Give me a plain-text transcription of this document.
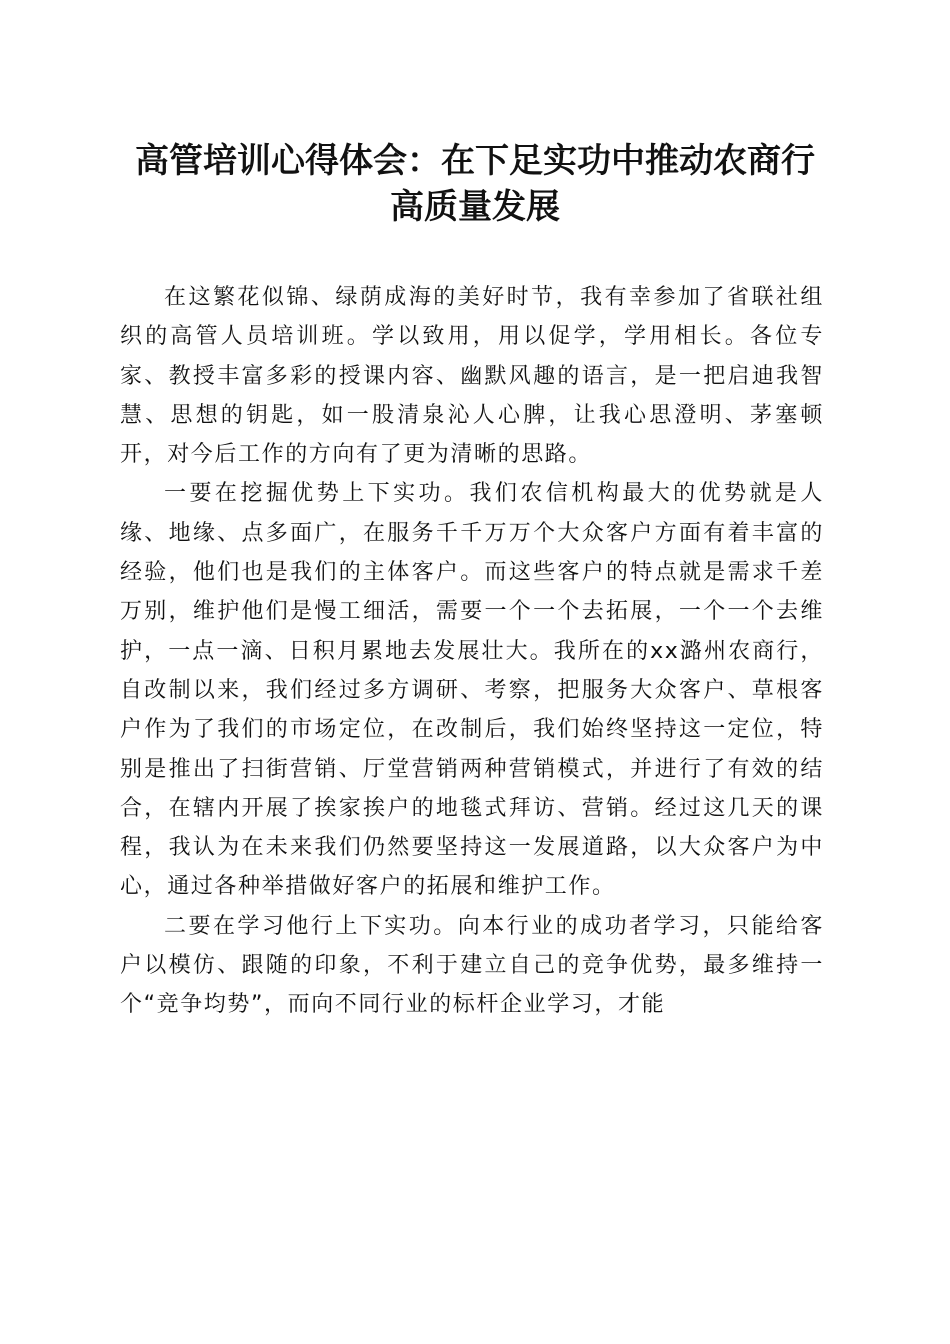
高管培训心得体会：在下足实功中推动农商行
高质量发展

在这繁花似锦、绿荫成海的美好时节，我有幸参加了省联社组织的高管人员培训班。学以致用，用以促学，学用相长。各位专家、教授丰富多彩的授课内容、幽默风趣的语言，是一把启迪我智慧、思想的钥匙，如一股清泉沁人心脾，让我心思澄明、茅塞顿开，对今后工作的方向有了更为清晰的思路。

一要在挖掘优势上下实功。我们农信机构最大的优势就是人缘、地缘、点多面广，在服务千千万万个大众客户方面有着丰富的经验，他们也是我们的主体客户。而这些客户的特点就是需求千差万别，维护他们是慢工细活，需要一个一个去拓展，一个一个去维护，一点一滴、日积月累地去发展壮大。我所在的xx潞州农商行，自改制以来，我们经过多方调研、考察，把服务大众客户、草根客户作为了我们的市场定位，在改制后，我们始终坚持这一定位，特别是推出了扫街营销、厅堂营销两种营销模式，并进行了有效的结合，在辖内开展了挨家挨户的地毯式拜访、营销。经过这几天的课程，我认为在未来我们仍然要坚持这一发展道路，以大众客户为中心，通过各种举措做好客户的拓展和维护工作。

二要在学习他行上下实功。向本行业的成功者学习，只能给客户以模仿、跟随的印象，不利于建立自己的竞争优势，最多维持一个“竞争均势”，而向不同行业的标杆企业学习，才能
